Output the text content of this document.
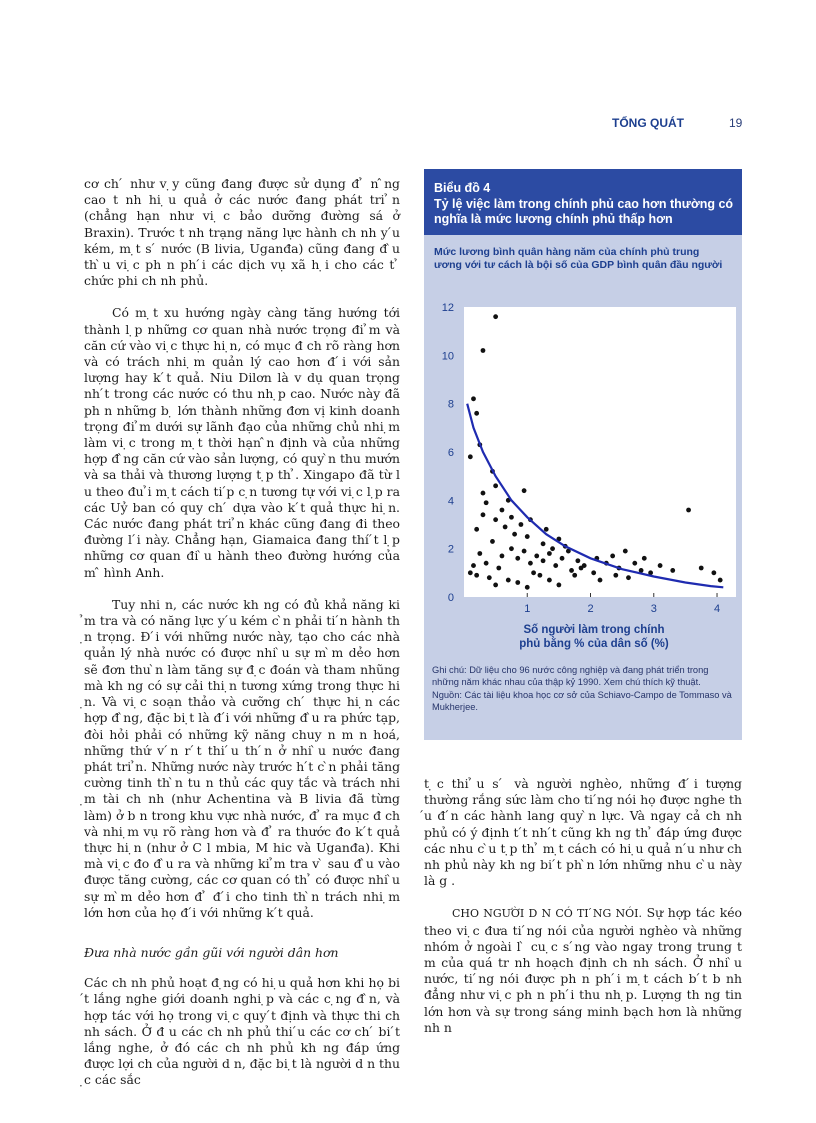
TỔNG QUÁT	19

cơ ch ́ như v ̣y cũng đang được sử dụng đ ̉ n ̂ng cao t nh hi ̣u quả ở các nước đang phát tri ̉n (chẳng hạn như vi ̣c bảo dưỡng đường sá ở Braxin). Trước t nh trạng năng lực hành ch nh y ́u kém, m ̣t s ́ nước (B livia, Uganđa) cũng đang đ ̀u th ̀u vi ̣c ph n ph ́i các dịch vụ xã h ̣i cho các t ̉ chức phi ch nh phủ.

Có m ̣t xu hướng ngày càng tăng hướng tới thành l ̣p những cơ quan nhà nước trọng đi ̉m và căn cứ vào vi ̣c thực hi ̣n, có mục đ ch rõ ràng hơn và có trách nhi ̣m quản lý cao hơn đ ́i với sản lượng hay k ́t quả. Niu Dilơn là v dụ quan trọng nh ́t trong các nước có thu nh ̣p cao. Nước này đã ph n những b ̣ lớn thành những đơn vị kinh doanh trọng đi ̉m dưới sự lãnh đạo của những chủ nhi ̣m làm vi ̣c trong m ̣t thời hạn ̂n định và của những hợp đ ̀ng căn cứ vào sản lượng, có quy ̀n thu mướn và sa thải và thương lượng t ̣p th ̉. Xingapo đã từ l u theo đu ̉i m ̣t cách ti ́p c ̣n tương tự với vi ̣c l ̣p ra các Uỷ ban có quy ch ́ dựa vào k ́t quả thực hi ̣n. Các nước đang phát tri ̉n khác cũng đang đi theo đường l ́i này. Chẳng hạn, Giamaica đang thí ́t l ̣p những cơ quan đi ̀u hành theo đường hướng của m ̂ hình Anh.

Tuy nhi n, các nước kh ng có đủ khả năng ki ̉m tra và có năng lực y ́u kém c ̀n phải ti ́n hành th ̣n trọng. Đ ́i với những nước này, tạo cho các nhà quản lý nhà nước có được nhi ̀u sự m ̀m dẻo hơn sẽ đơn thu ̀n làm tăng sự đ ̣c đoán và tham nhũng mà kh ng có sự cải thi ̣n tương xứng trong thực hi ̣n. Và vi ̣c soạn thảo và cưỡng ch ́ thực hi ̣n các hợp đ ̀ng, đặc bi ̣t là đ ́i với những đ ̀u ra phức tạp, đòi hỏi phải có những kỹ năng chuy n m n hoá, những thứ v ́n r ́t thi ́u th ́n ở nhi ̀u nước đang phát tri ̉n. Những nước này trước h ́t c ̀n phải tăng cường tinh th ̀n tu n thủ các quy tắc và trách nhi ̣m tài ch nh (như Achentina và B livia đã từng làm) ở b n trong khu vực nhà nước, đ ̉ ra mục đ ch và nhi ̣m vụ rõ ràng hơn và đ ̉ ra thước đo k ́t quả thực hi ̣n (như ở C l mbia, M hic và Uganđa). Khi mà vi ̣c đo đ ̀u ra và những ki ̉m tra v ̀ sau đ ̀u vào được tăng cường, các cơ quan có th ̉ có được nhi ̀u sự m ̀m dẻo hơn đ ̉ đ ́i cho tinh th ̀n trách nhi ̣m lớn hơn của họ đ ́i với những k ́t quả.

Đưa nhà nước gần gũi với người dân hơn

Các ch nh phủ hoạt đ ̣ng có hi ̣u quả hơn khi họ bi ́t lắng nghe giới doanh nghi ̣p và các c ̣ng đ ̀n, và hợp tác với họ trong vi ̣c quy ́t định và thực thi ch nh sách. Ở đ u các ch nh phủ thi ́u các cơ ch ́ bi ́t lắng nghe, ở đó các ch nh phủ kh ng đáp ứng được lợi ch của người d n, đặc bi ̣t là người d n thu ̣c các sắc

Biểu đồ 4
Tỷ lệ việc làm trong chính phủ cao hơn thường có nghĩa là mức lương chính phủ thấp hơn
Mức lương bình quân hàng năm của chính phủ trung ương với tư cách là bội số của GDP bình quân đầu người
0
2
4
6
8
10
12
1	2	3	4
Số người làm trong chính
phủ bằng % của dân số (%)

Ghi chú: Dữ liệu cho 96 nước công nghiệp và đang phát triển trong những năm khác nhau của thập kỷ 1990. Xem chú thích kỹ thuật.

Nguồn: Các tài liệu khoa học cơ sở của Schiavo-Campo de Tommaso và Mukherjee.

t ̣c thi ̉u s ́ và người nghèo, những đ ́i tượng thường rắng sức làm cho ti ́ng nói họ được nghe th ́u đ ́n các hành lang quy ̀n lực. Và ngay cả ch nh phủ có ý định t ́t nh ́t cũng kh ng th ̉ đáp ứng được các nhu c ̀u t ̣p th ̉ m ̣t cách có hi ̣u quả n ́u như ch nh phủ này kh ng bi ́t ph ̀n lớn những nhu c ̀u này là g .

CHO NGƯỜI D N CÓ TI ́NG NÓI. Sự hợp tác kéo theo vi ̣c đưa ti ́ng nói của người nghèo và những nhóm ở ngoài l ̀ cu ̣c s ́ng vào ngay trong trung t m của quá tr nh hoạch định ch nh sách. Ở nhi ̀u nước, ti ́ng nói được ph n ph ́i m ̣t cách b ́t b nh đẳng như vi ̣c ph n ph ́i thu nh ̣p. Lượng th ng tin lớn hơn và sự trong sáng minh bạch hơn là những nh n
